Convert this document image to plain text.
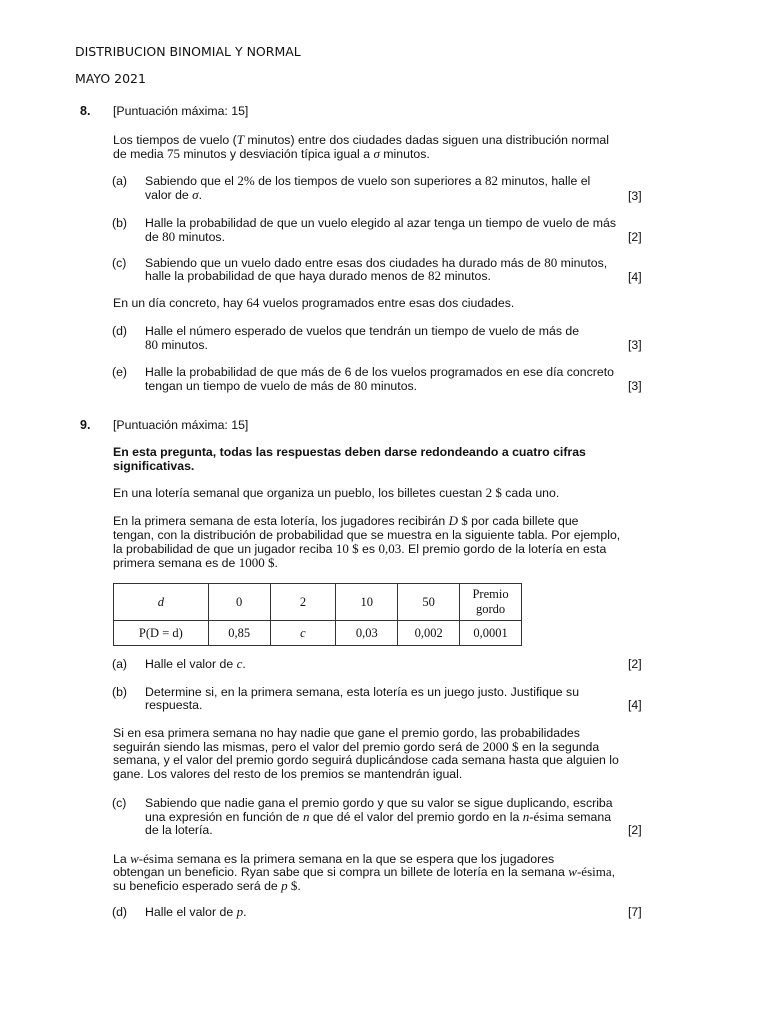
DISTRIBUCION BINOMIAL Y NORMAL
MAYO 2021
8. [Puntuación máxima: 15]
Los tiempos de vuelo (T minutos) entre dos ciudades dadas siguen una distribución normal
de media 75 minutos y desviación típica igual a σ minutos.
(a) Sabiendo que el 2% de los tiempos de vuelo son superiores a 82 minutos, halle el
valor de σ.	[3]
(b) Halle la probabilidad de que un vuelo elegido al azar tenga un tiempo de vuelo de más
de 80 minutos.	[2]
(c) Sabiendo que un vuelo dado entre esas dos ciudades ha durado más de 80 minutos,
halle la probabilidad de que haya durado menos de 82 minutos.	[4]
En un día concreto, hay 64 vuelos programados entre esas dos ciudades.
(d) Halle el número esperado de vuelos que tendrán un tiempo de vuelo de más de
80 minutos.	[3]
(e) Halle la probabilidad de que más de 6 de los vuelos programados en ese día concreto
tengan un tiempo de vuelo de más de 80 minutos.	[3]
9. [Puntuación máxima: 15]
En esta pregunta, todas las respuestas deben darse redondeando a cuatro cifras
significativas.
En una lotería semanal que organiza un pueblo, los billetes cuestan 2 $ cada uno.
En la primera semana de esta lotería, los jugadores recibirán D $ por cada billete que
tengan, con la distribución de probabilidad que se muestra en la siguiente tabla. Por ejemplo,
la probabilidad de que un jugador reciba 10 $ es 0,03. El premio gordo de la lotería en esta
primera semana es de 1000 $.
d	0	2	10	50	Premio
gordo
P(D = d)	0,85	c	0,03	0,002	0,0001
(a) Halle el valor de c.	[2]
(b) Determine si, en la primera semana, esta lotería es un juego justo. Justifique su
respuesta.	[4]
Si en esa primera semana no hay nadie que gane el premio gordo, las probabilidades
seguirán siendo las mismas, pero el valor del premio gordo será de 2000 $ en la segunda
semana, y el valor del premio gordo seguirá duplicándose cada semana hasta que alguien lo
gane. Los valores del resto de los premios se mantendrán igual.
(c) Sabiendo que nadie gana el premio gordo y que su valor se sigue duplicando, escriba
una expresión en función de n que dé el valor del premio gordo en la n-ésima semana
de la lotería.	[2]
La w-ésima semana es la primera semana en la que se espera que los jugadores
obtengan un beneficio. Ryan sabe que si compra un billete de lotería en la semana w-ésima,
su beneficio esperado será de p $.
(d) Halle el valor de p.	[7]
